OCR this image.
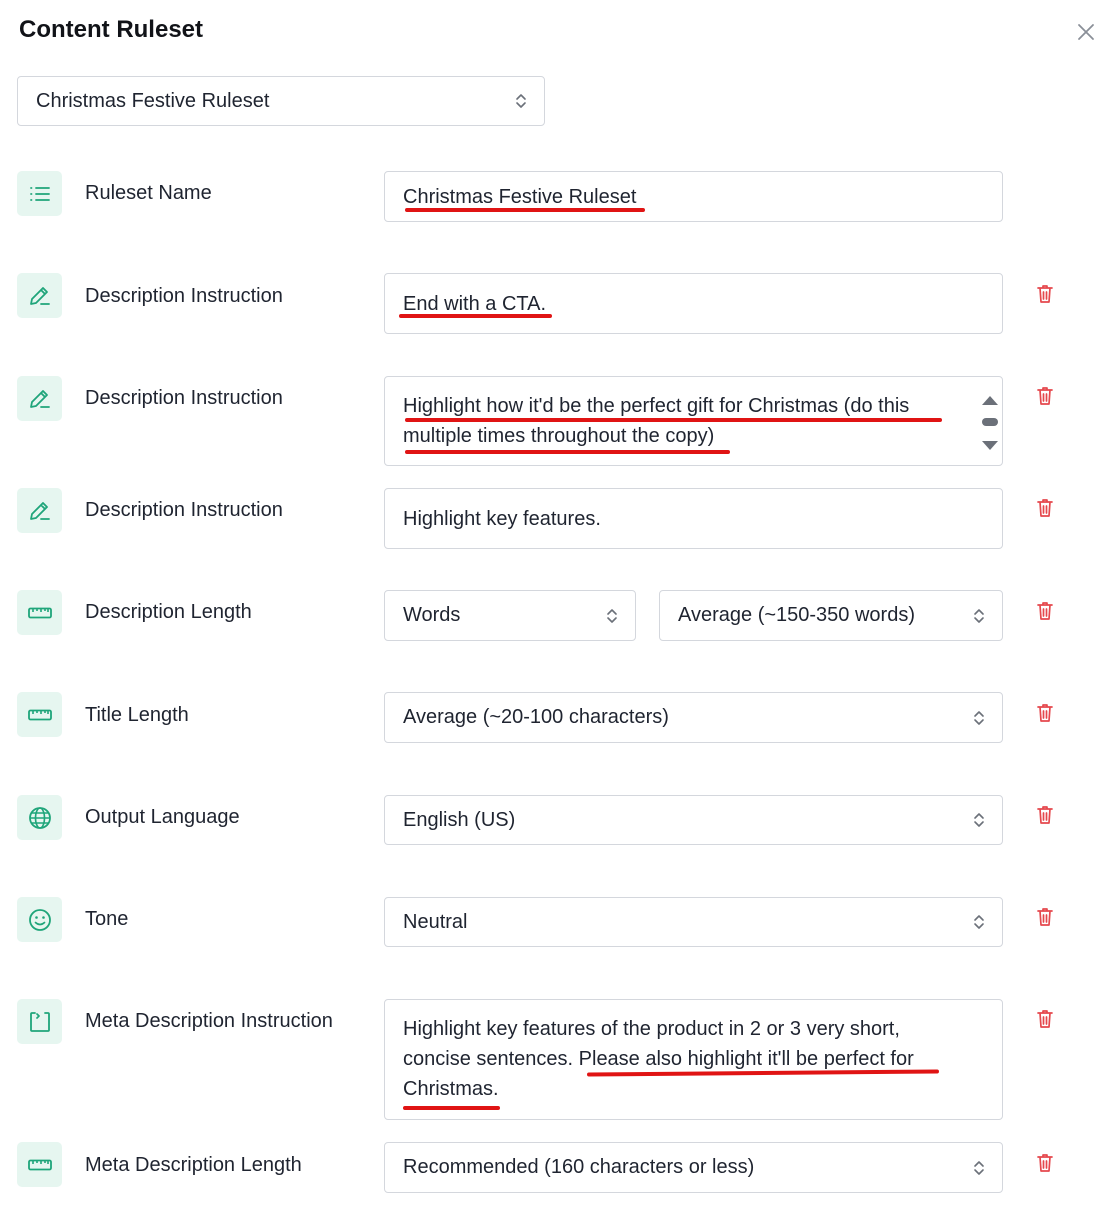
Content Ruleset
Christmas Festive Ruleset
Ruleset Name	Christmas Festive Ruleset
Description Instruction	End with a CTA.
Description Instruction	Highlight how it'd be the perfect gift for Christmas (do this
multiple times throughout the copy)
Description Instruction	Highlight key features.
Description Length	Words	Average (~150-350 words)
Title Length	Average (~20-100 characters)
Output Language	English (US)
Tone	Neutral
Meta Description Instruction	Highlight key features of the product in 2 or 3 very short,
concise sentences. Please also highlight it'll be perfect for
Christmas.
Meta Description Length	Recommended (160 characters or less)
